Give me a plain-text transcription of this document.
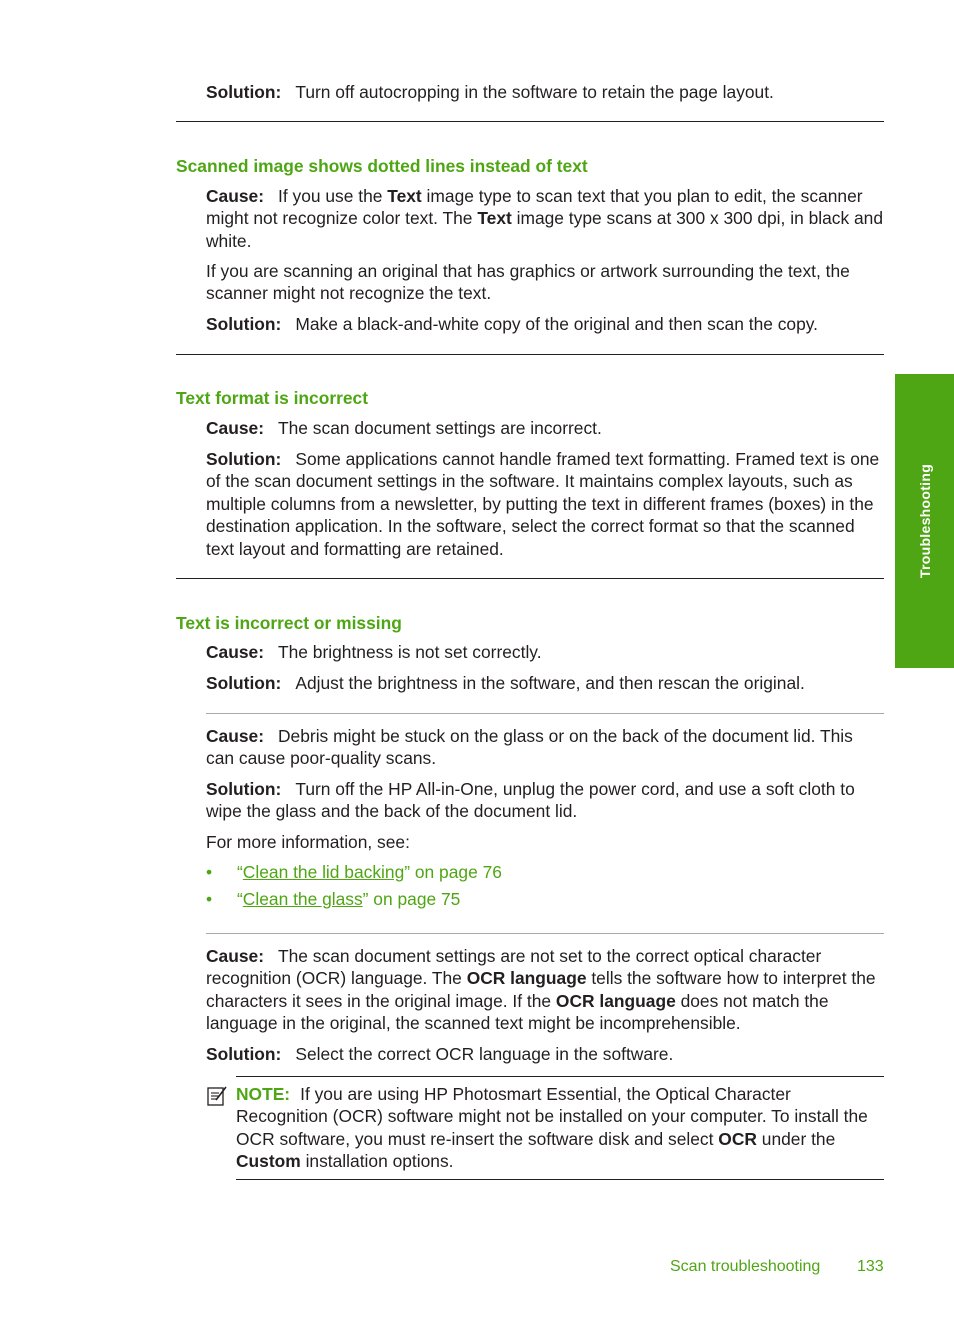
Solution: Turn off autocropping in the software to retain the page layout.

Scanned image shows dotted lines instead of text

Cause: If you use the Text image type to scan text that you plan to edit, the scanner might not recognize color text. The Text image type scans at 300 x 300 dpi, in black and white.

If you are scanning an original that has graphics or artwork surrounding the text, the scanner might not recognize the text.

Solution: Make a black-and-white copy of the original and then scan the copy.

Text format is incorrect

Cause: The scan document settings are incorrect.

Solution: Some applications cannot handle framed text formatting. Framed text is one of the scan document settings in the software. It maintains complex layouts, such as multiple columns from a newsletter, by putting the text in different frames (boxes) in the destination application. In the software, select the correct format so that the scanned text layout and formatting are retained.

Text is incorrect or missing

Cause: The brightness is not set correctly.

Solution: Adjust the brightness in the software, and then rescan the original.

Cause: Debris might be stuck on the glass or on the back of the document lid. This can cause poor-quality scans.

Solution: Turn off the HP All-in-One, unplug the power cord, and use a soft cloth to wipe the glass and the back of the document lid.

For more information, see:

• “Clean the lid backing” on page 76
• “Clean the glass” on page 75

Cause: The scan document settings are not set to the correct optical character recognition (OCR) language. The OCR language tells the software how to interpret the characters it sees in the original image. If the OCR language does not match the language in the original, the scanned text might be incomprehensible.

Solution: Select the correct OCR language in the software.

NOTE: If you are using HP Photosmart Essential, the Optical Character Recognition (OCR) software might not be installed on your computer. To install the OCR software, you must re-insert the software disk and select OCR under the Custom installation options.

Troubleshooting
Scan troubleshooting 133
